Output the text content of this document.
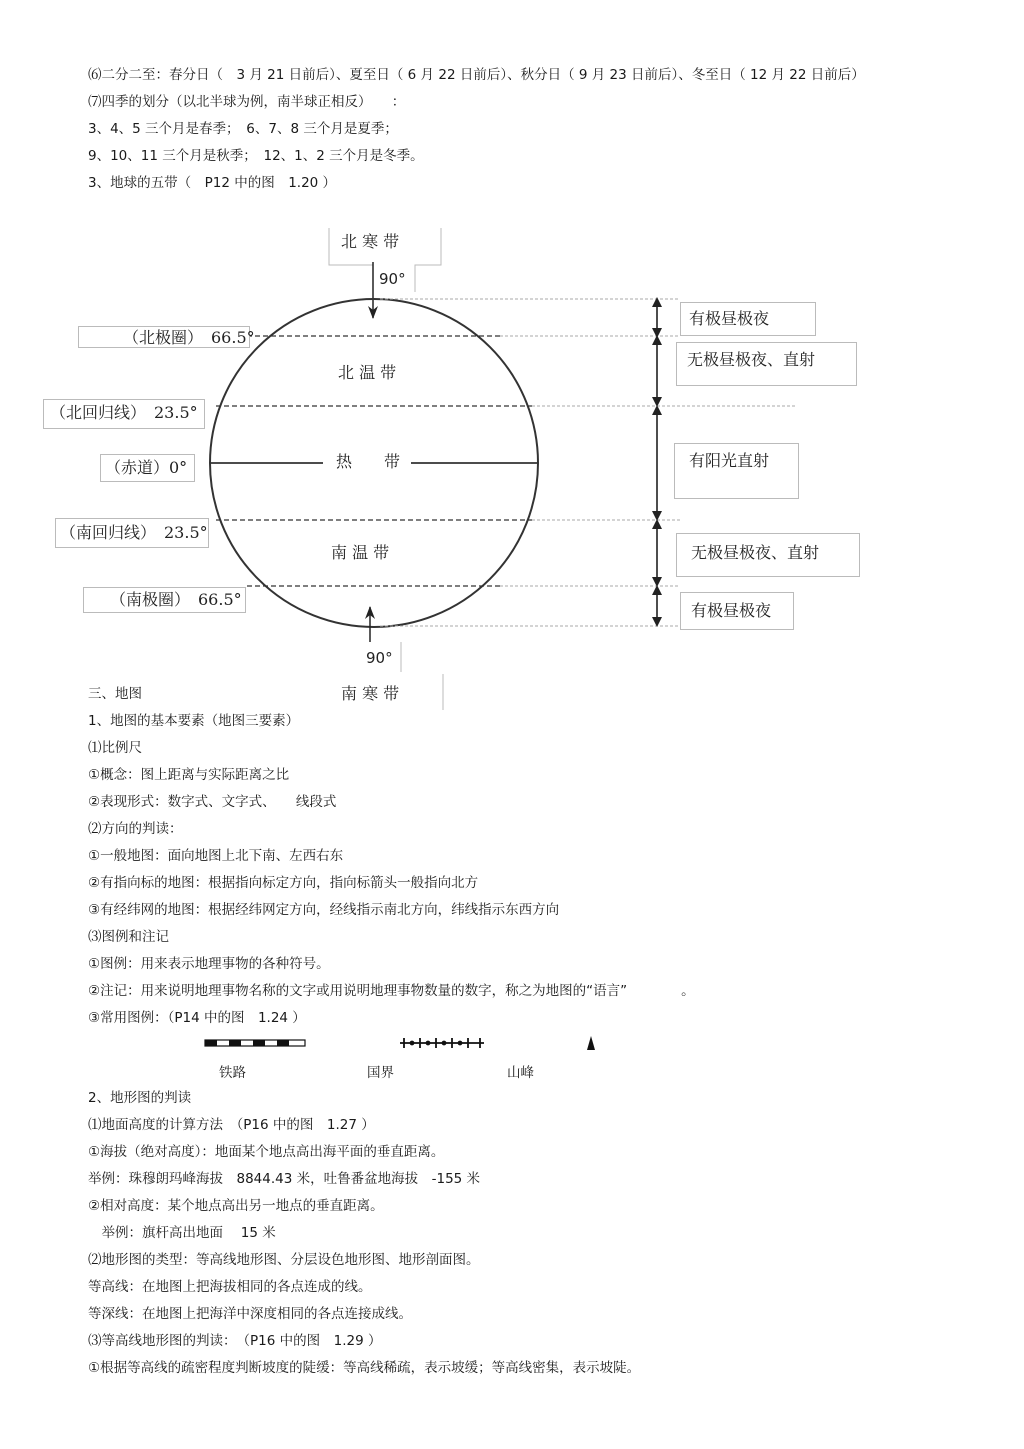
⑹二分二至：春分日（　3 月 21 日前后）、夏至日（ 6 月 22 日前后）、秋分日（ 9 月 23 日前后）、冬至日（ 12 月 22 日前后）
⑺四季的划分（以北半球为例，南半球正相反）　　：
3、4、5 三个月是春季；　6、7、8 三个月是夏季；
9、10、11 三个月是秋季；　12、1、2 三个月是冬季。
3、地球的五带（　P12 中的图　1.20 ）
北 寒 带
90°
北 温 带
热　　带
南 温 带
90°
南 寒 带
（北极圈）　66.5°
（北回归线）　23.5°
（赤道）0°
（南回归线）　23.5°
（南极圈）　66.5°
有极昼极夜
无极昼极夜、直射
有阳光直射
无极昼极夜、直射
有极昼极夜
三、地图
1、地图的基本要素（地图三要素）
⑴比例尺
①概念：图上距离与实际距离之比
②表现形式：数字式、文字式、　　线段式
⑵方向的判读：
①一般地图：面向地图上北下南、左西右东
②有指向标的地图：根据指向标定方向，指向标箭头一般指向北方
③有经纬网的地图：根据经纬网定方向，经线指示南北方向，纬线指示东西方向
⑶图例和注记
①图例：用来表示地理事物的各种符号。
②注记：用来说明地理事物名称的文字或用说明地理事物数量的数字，称之为地图的“语言”　　　　。
③常用图例：（P14 中的图　1.24 ）
铁路	国界	山峰
2、地形图的判读
⑴地面高度的计算方法　（P16 中的图　1.27 ）
①海拔（绝对高度）：地面某个地点高出海平面的垂直距离。
举例：珠穆朗玛峰海拔　8844.43 米，吐鲁番盆地海拔　-155 米
②相对高度：某个地点高出另一地点的垂直距离。
　举例：旗杆高出地面　 15 米
⑵地形图的类型：等高线地形图、分层设色地形图、地形剖面图。
等高线：在地图上把海拔相同的各点连成的线。
等深线：在地图上把海洋中深度相同的各点连接成线。
⑶等高线地形图的判读：　（P16 中的图　1.29 ）
①根据等高线的疏密程度判断坡度的陡缓：等高线稀疏，表示坡缓；等高线密集，表示坡陡。
